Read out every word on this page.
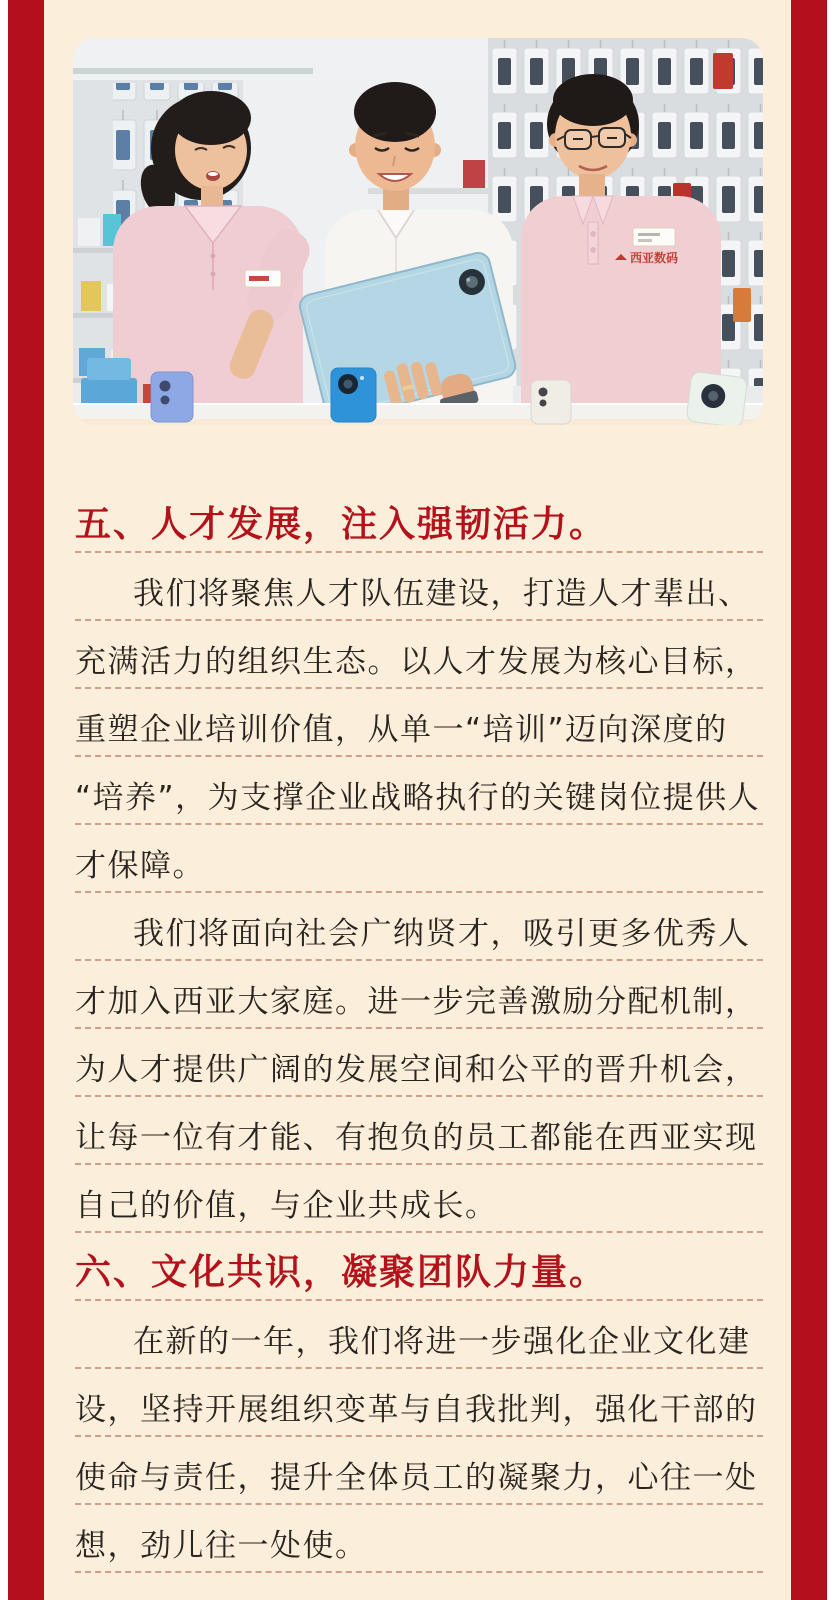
西亚数码
五、人才发展，注入强韧活力。
我们将聚焦人才队伍建设，打造人才辈出、
充满活力的组织生态。以人才发展为核心目标，
重塑企业培训价值，从单一“培训”迈向深度的
“培养”，为支撑企业战略执行的关键岗位提供人
才保障。
我们将面向社会广纳贤才，吸引更多优秀人
才加入西亚大家庭。进一步完善激励分配机制，
为人才提供广阔的发展空间和公平的晋升机会，
让每一位有才能、有抱负的员工都能在西亚实现
自己的价值，与企业共成长。
六、文化共识，凝聚团队力量。
在新的一年，我们将进一步强化企业文化建
设，坚持开展组织变革与自我批判，强化干部的
使命与责任，提升全体员工的凝聚力，心往一处
想，劲儿往一处使。
